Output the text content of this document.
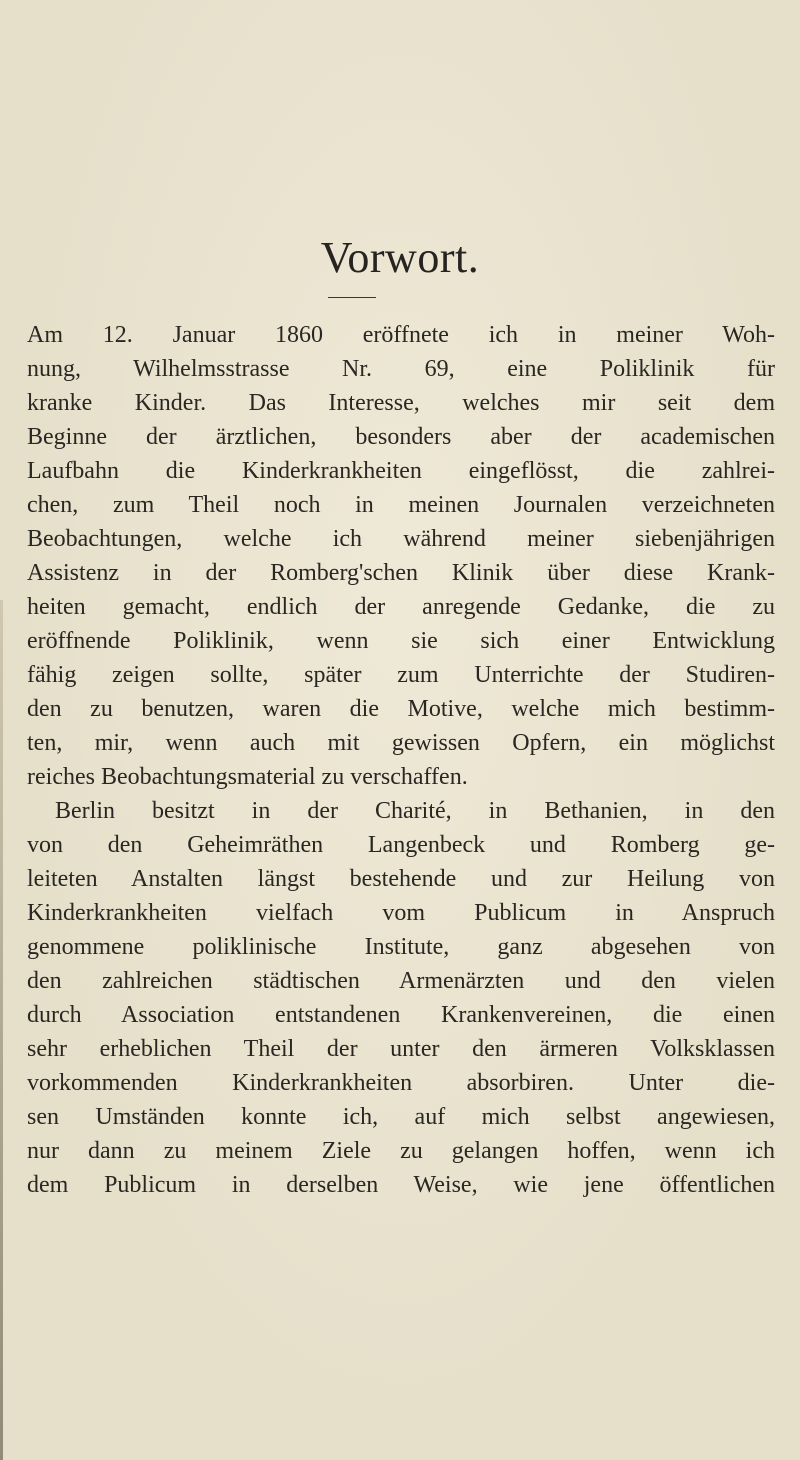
Vorwort.
Am 12. Januar 1860 eröffnete ich in meiner Woh-
nung, Wilhelmsstrasse Nr. 69, eine Poliklinik für
kranke Kinder. Das Interesse, welches mir seit dem
Beginne der ärztlichen, besonders aber der academischen
Laufbahn die Kinderkrankheiten eingeflösst, die zahlrei-
chen, zum Theil noch in meinen Journalen verzeichneten
Beobachtungen, welche ich während meiner siebenjährigen
Assistenz in der Romberg'schen Klinik über diese Krank-
heiten gemacht, endlich der anregende Gedanke, die zu
eröffnende Poliklinik, wenn sie sich einer Entwicklung
fähig zeigen sollte, später zum Unterrichte der Studiren-
den zu benutzen, waren die Motive, welche mich bestimm-
ten, mir, wenn auch mit gewissen Opfern, ein möglichst
reiches Beobachtungsmaterial zu verschaffen.
Berlin besitzt in der Charité, in Bethanien, in den
von den Geheimräthen Langenbeck und Romberg ge-
leiteten Anstalten längst bestehende und zur Heilung von
Kinderkrankheiten vielfach vom Publicum in Anspruch
genommene poliklinische Institute, ganz abgesehen von
den zahlreichen städtischen Armenärzten und den vielen
durch Association entstandenen Krankenvereinen, die einen
sehr erheblichen Theil der unter den ärmeren Volksklassen
vorkommenden Kinderkrankheiten absorbiren. Unter die-
sen Umständen konnte ich, auf mich selbst angewiesen,
nur dann zu meinem Ziele zu gelangen hoffen, wenn ich
dem Publicum in derselben Weise, wie jene öffentlichen
